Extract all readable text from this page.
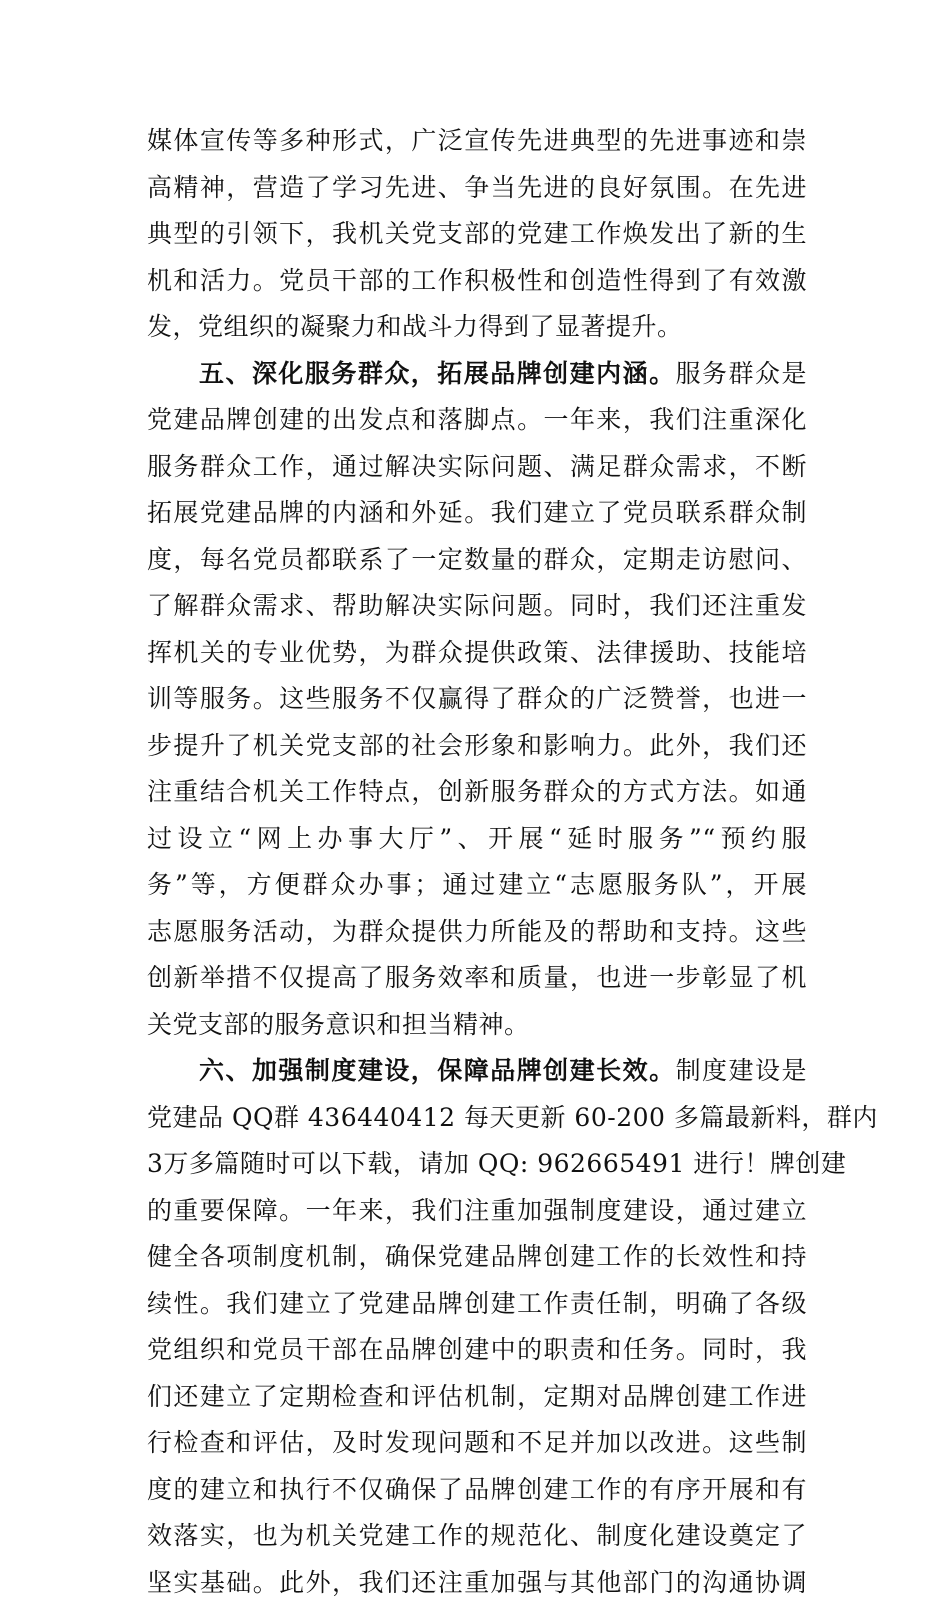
媒体宣传等多种形式，广泛宣传先进典型的先进事迹和崇
高精神，营造了学习先进、争当先进的良好氛围。在先进
典型的引领下，我机关党支部的党建工作焕发出了新的生
机和活力。党员干部的工作积极性和创造性得到了有效激
发，党组织的凝聚力和战斗力得到了显著提升。
五、深化服务群众，拓展品牌创建内涵。服务群众是
党建品牌创建的出发点和落脚点。一年来，我们注重深化
服务群众工作，通过解决实际问题、满足群众需求，不断
拓展党建品牌的内涵和外延。我们建立了党员联系群众制
度，每名党员都联系了一定数量的群众，定期走访慰问、
了解群众需求、帮助解决实际问题。同时，我们还注重发
挥机关的专业优势，为群众提供政策、法律援助、技能培
训等服务。这些服务不仅赢得了群众的广泛赞誉，也进一
步提升了机关党支部的社会形象和影响力。此外，我们还
注重结合机关工作特点，创新服务群众的方式方法。如通
过设立“网上办事大厅”、开展“延时服务”“预约服
务”等，方便群众办事；通过建立“志愿服务队”，开展
志愿服务活动，为群众提供力所能及的帮助和支持。这些
创新举措不仅提高了服务效率和质量，也进一步彰显了机
关党支部的服务意识和担当精神。
六、加强制度建设，保障品牌创建长效。制度建设是
党建品 QQ群 436440412 每天更新 60-200 多篇最新料，群内
3万多篇随时可以下载，请加 QQ: 962665491 进行！牌创建
的重要保障。一年来，我们注重加强制度建设，通过建立
健全各项制度机制，确保党建品牌创建工作的长效性和持
续性。我们建立了党建品牌创建工作责任制，明确了各级
党组织和党员干部在品牌创建中的职责和任务。同时，我
们还建立了定期检查和评估机制，定期对品牌创建工作进
行检查和评估，及时发现问题和不足并加以改进。这些制
度的建立和执行不仅确保了品牌创建工作的有序开展和有
效落实，也为机关党建工作的规范化、制度化建设奠定了
坚实基础。此外，我们还注重加强与其他部门的沟通协调
